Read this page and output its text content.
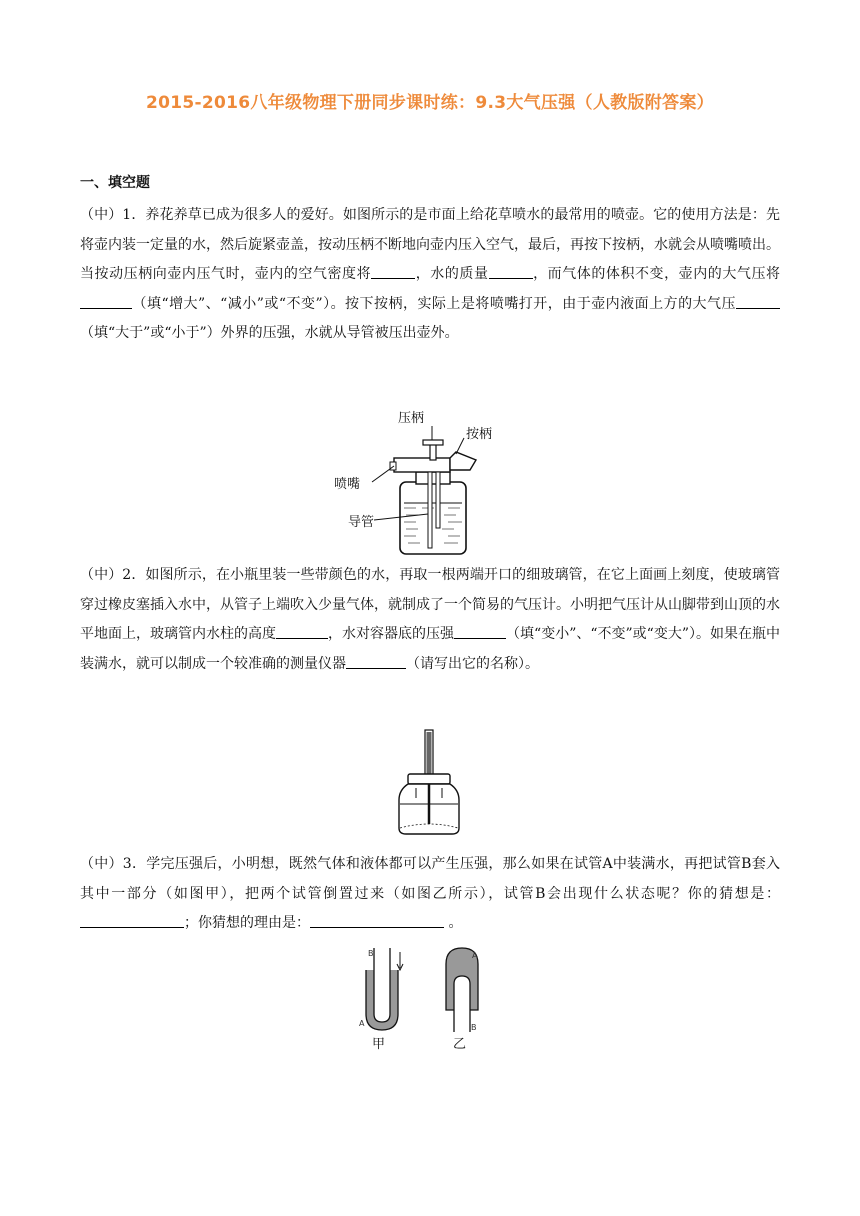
2015-2016八年级物理下册同步课时练：9.3大气压强（人教版附答案）
一、填空题
（中）1．养花养草已成为很多人的爱好。如图所示的是市面上给花草喷水的最常用的喷壶。它的使用方法是：先将壶内装一定量的水，然后旋紧壶盖，按动压柄不断地向壶内压入空气，最后，再按下按柄，水就会从喷嘴喷出。当按动压柄向壶内压气时，壶内的空气密度将	，水的质量	，而气体的体积不变，壶内的大气压将（填“增大”、“减小”或“不变”）。按下按柄，实际上是将喷嘴打开，由于壶内液面上方的大气压（填“大于”或“小于”）外界的压强，水就从导管被压出壶外。
压柄
按柄
喷嘴
导管
（中）2．如图所示，在小瓶里装一些带颜色的水，再取一根两端开口的细玻璃管，在它上面画上刻度，使玻璃管穿过橡皮塞插入水中，从管子上端吹入少量气体，就制成了一个简易的气压计。小明把气压计从山脚带到山顶的水平地面上，玻璃管内水柱的高度	，水对容器底的压强	（填“变小”、“不变”或“变大”）。如果在瓶中装满水，就可以制成一个较准确的测量仪器	（请写出它的名称）。
（中）3．学完压强后，小明想，既然气体和液体都可以产生压强，那么如果在试管A中装满水，再把试管B套入其中一部分（如图甲），把两个试管倒置过来（如图乙所示），试管B会出现什么状态呢？你的猜想是：；你猜想的理由是：	。
B
A
甲
A
B
乙
